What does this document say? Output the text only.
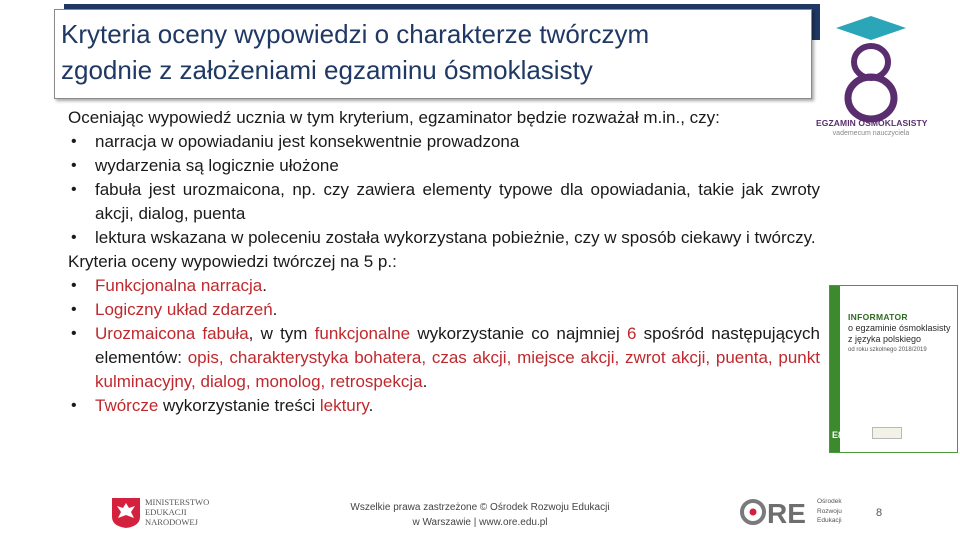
Kryteria oceny wypowiedzi o charakterze twórczym
zgodnie z założeniami egzaminu ósmoklasisty
EGZAMIN ÓSMOKLASISTY
vademecum nauczyciela

Oceniając wypowiedź ucznia w tym kryterium, egzaminator będzie rozważał m.in., czy:

• narracja w opowiadaniu jest konsekwentnie prowadzona
• wydarzenia są logicznie ułożone
• fabuła jest urozmaicona, np. czy zawiera elementy typowe dla opowiadania, takie jak zwroty akcji, dialog, puenta
• lektura wskazana w poleceniu została wykorzystana pobieżnie, czy w sposób ciekawy i twórczy.

Kryteria oceny wypowiedzi twórczej na 5 p.:

• Funkcjonalna narracja.
• Logiczny układ zdarzeń.
• Urozmaicona fabuła, w tym funkcjonalne wykorzystanie co najmniej 6 spośród następujących elementów: opis, charakterystyka bohatera, czas akcji, miejsce akcji, zwrot akcji, puenta, punkt kulminacyjny, dialog, monolog, retrospekcja.
• Twórcze wykorzystanie treści lektury.
E8
INFORMATOR
o egzaminie ósmoklasisty
z języka polskiego
od roku szkolnego 2018/2019
MINISTERSTWO
EDUKACJI
NARODOWEJ
Wszelkie prawa zastrzeżone © Ośrodek Rozwoju Edukacji
w Warszawie | www.ore.edu.pl	RE Ośrodek
Rozwoju
Edukacji
8
